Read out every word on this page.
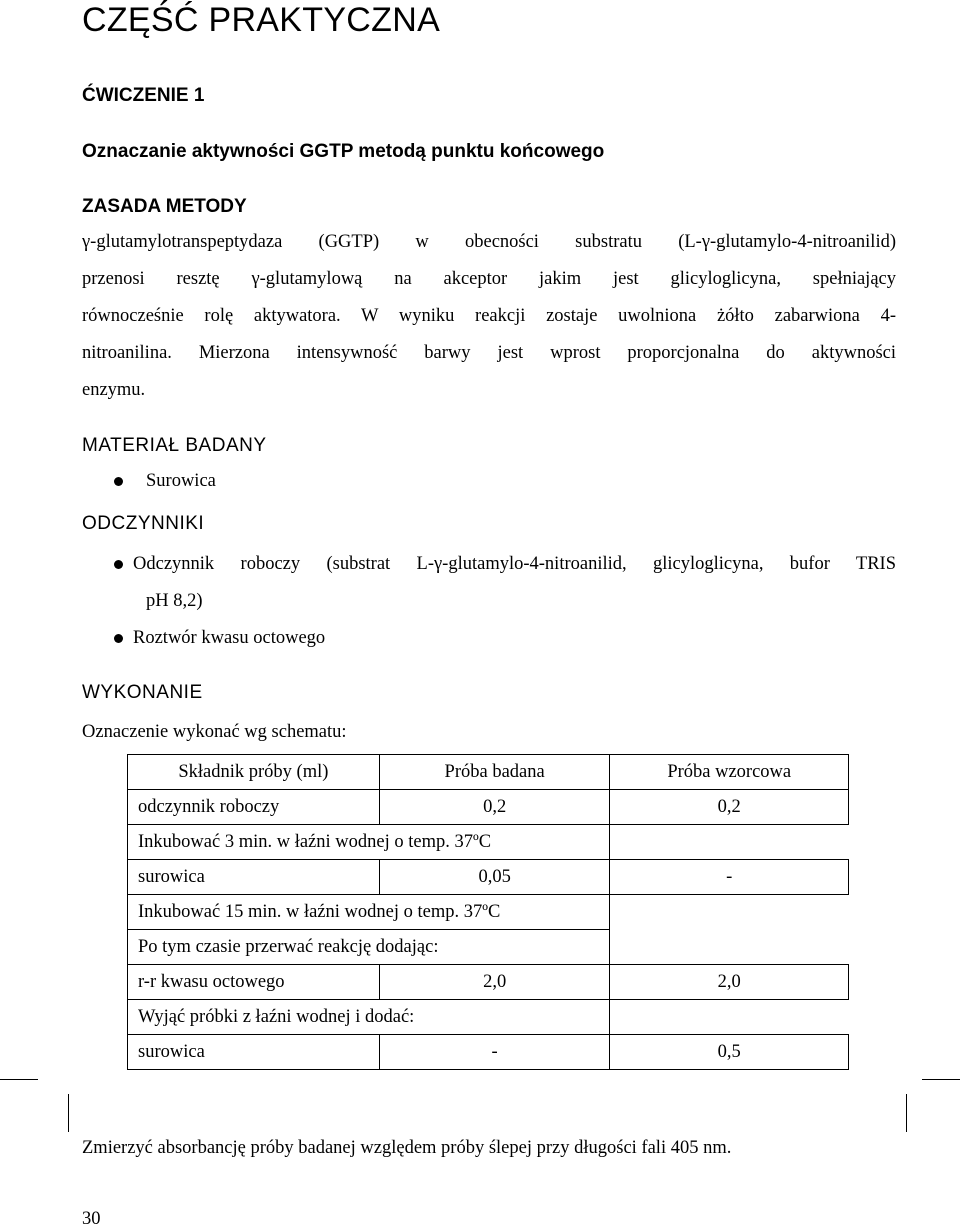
CZĘŚĆ PRAKTYCZNA
ĆWICZENIE 1
Oznaczanie aktywności GGTP metodą punktu końcowego
ZASADA METODY
γ-glutamylotranspeptydaza (GGTP) w obecności substratu (L-γ-glutamylo-4-nitroanilid)
przenosi resztę γ-glutamylową na akceptor jakim jest glicyloglicyna, spełniający
równocześnie rolę aktywatora. W wyniku reakcji zostaje uwolniona żółto zabarwiona 4-
nitroanilina. Mierzona intensywność barwy jest wprost proporcjonalna do aktywności
enzymu.
MATERIAŁ BADANY
Surowica
ODCZYNNIKI
Odczynnik roboczy (substrat L-γ-glutamylo-4-nitroanilid, glicyloglicyna, bufor TRIS
pH 8,2)
Roztwór kwasu octowego
WYKONANIE
Oznaczenie wykonać wg schematu:
Składnik próby (ml)	Próba badana	Próba wzorcowa
odczynnik roboczy	0,2	0,2
Inkubować 3 min. w łaźni wodnej o temp. 37ºC		
surowica	0,05	-
Inkubować 15 min. w łaźni wodnej o temp. 37ºC		
Po tym czasie przerwać reakcję dodając:		
r-r kwasu octowego	2,0	2,0
Wyjąć próbki z łaźni wodnej i dodać:		
surowica	-	0,5
Zmierzyć absorbancję próby badanej względem próby ślepej przy długości fali 405 nm.
30
